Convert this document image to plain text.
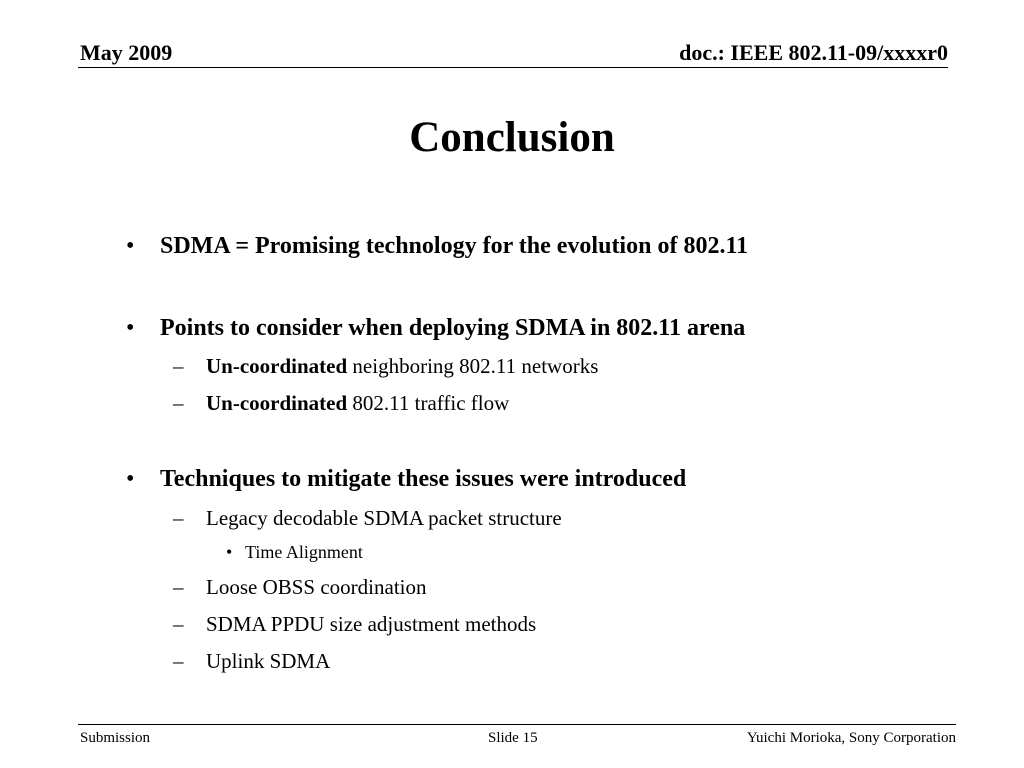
May 2009	doc.: IEEE 802.11-09/xxxxr0
Conclusion
• SDMA = Promising technology for the evolution of 802.11
• Points to consider when deploying SDMA in 802.11 arena
– Un-coordinated neighboring 802.11 networks
– Un-coordinated 802.11 traffic flow
• Techniques to mitigate these issues were introduced
– Legacy decodable SDMA packet structure
• Time Alignment
– Loose OBSS coordination
– SDMA PPDU size adjustment methods
– Uplink SDMA
Submission	Slide 15	Yuichi Morioka, Sony Corporation
